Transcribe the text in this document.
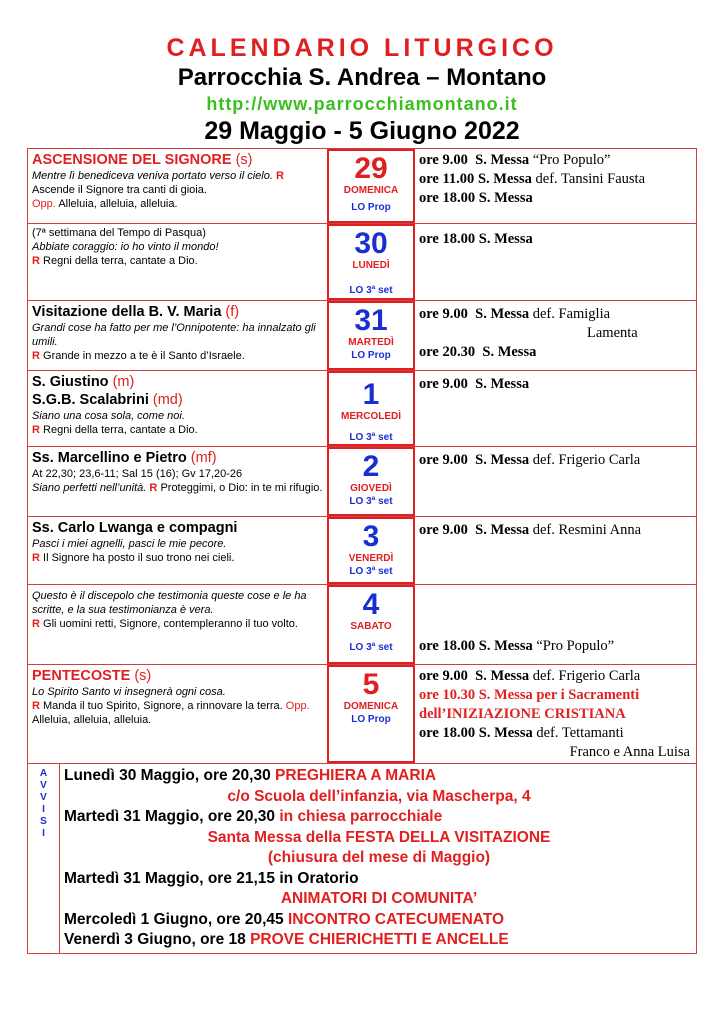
CALENDARIO LITURGICO
Parrocchia S. Andrea – Montano
http://www.parrocchiamontano.it
29 Maggio - 5 Giugno 2022
ASCENSIONE DEL SIGNORE (s)
Mentre lì benediceva veniva portato verso il cielo. R Ascende il Signore tra canti di gioia.
Opp. Alleluia, alleluia, alleluia.
29
DOMENICA
LO Prop
ore 9.00 S. Messa “Pro Populo”
ore 11.00 S. Messa def. Tansini Fausta
ore 18.00 S. Messa
(7ª settimana del Tempo di Pasqua)
Abbiate coraggio: io ho vinto il mondo!
R Regni della terra, cantate a Dio.
30
LUNEDÌ
LO 3ª set
ore 18.00 S. Messa
Visitazione della B. V. Maria (f)
Grandi cose ha fatto per me l’Onnipotente: ha innalzato gli umili.
R Grande in mezzo a te è il Santo d’Israele.
31
MARTEDÌ
LO Prop
ore 9.00 S. Messa def. Famiglia
Lamenta
ore 20.30 S. Messa
S. Giustino (m)
S.G.B. Scalabrini (md)
Siano una cosa sola, come noi.
R Regni della terra, cantate a Dio.
1
MERCOLEDÌ
LO 3ª set
ore 9.00 S. Messa
Ss. Marcellino e Pietro (mf)
At 22,30; 23,6-11; Sal 15 (16); Gv 17,20-26
Siano perfetti nell’unità. R Proteggimi, o Dio: in te mi rifugio.
2
GIOVEDÌ
LO 3ª set
ore 9.00 S. Messa def. Frigerio Carla
Ss. Carlo Lwanga e compagni
Pasci i miei agnelli, pasci le mie pecore.
R Il Signore ha posto il suo trono nei cieli.
3
VENERDÌ
LO 3ª set
ore 9.00 S. Messa def. Resmini Anna
Questo è il discepolo che testimonia queste cose e le ha scritte, e la sua testimonianza è vera.
R Gli uomini retti, Signore, contempleranno il tuo volto.
4
SABATO
LO 3ª set	ore 18.00 S. Messa “Pro Populo”
PENTECOSTE (s)
Lo Spirito Santo vi insegnerà ogni cosa.
R Manda il tuo Spirito, Signore, a rinnovare la terra. Opp. Alleluia, alleluia, alleluia.
5
DOMENICA
LO Prop
ore 9.00 S. Messa def. Frigerio Carla
ore 10.30 S. Messa per i Sacramenti
dell’INIZIAZIONE CRISTIANA
ore 18.00 S. Messa def. Tettamanti
Franco e Anna Luisa
A
V
V
I
S
I
Lunedì 30 Maggio, ore 20,30 PREGHIERA A MARIA
c/o Scuola dell’infanzia, via Mascherpa, 4
Martedì 31 Maggio, ore 20,30 in chiesa parrocchiale
Santa Messa della FESTA DELLA VISITAZIONE
(chiusura del mese di Maggio)
Martedì 31 Maggio, ore 21,15 in Oratorio
ANIMATORI DI COMUNITA’
Mercoledì 1 Giugno, ore 20,45 INCONTRO CATECUMENATO
Venerdì 3 Giugno, ore 18 PROVE CHIERICHETTI E ANCELLE
